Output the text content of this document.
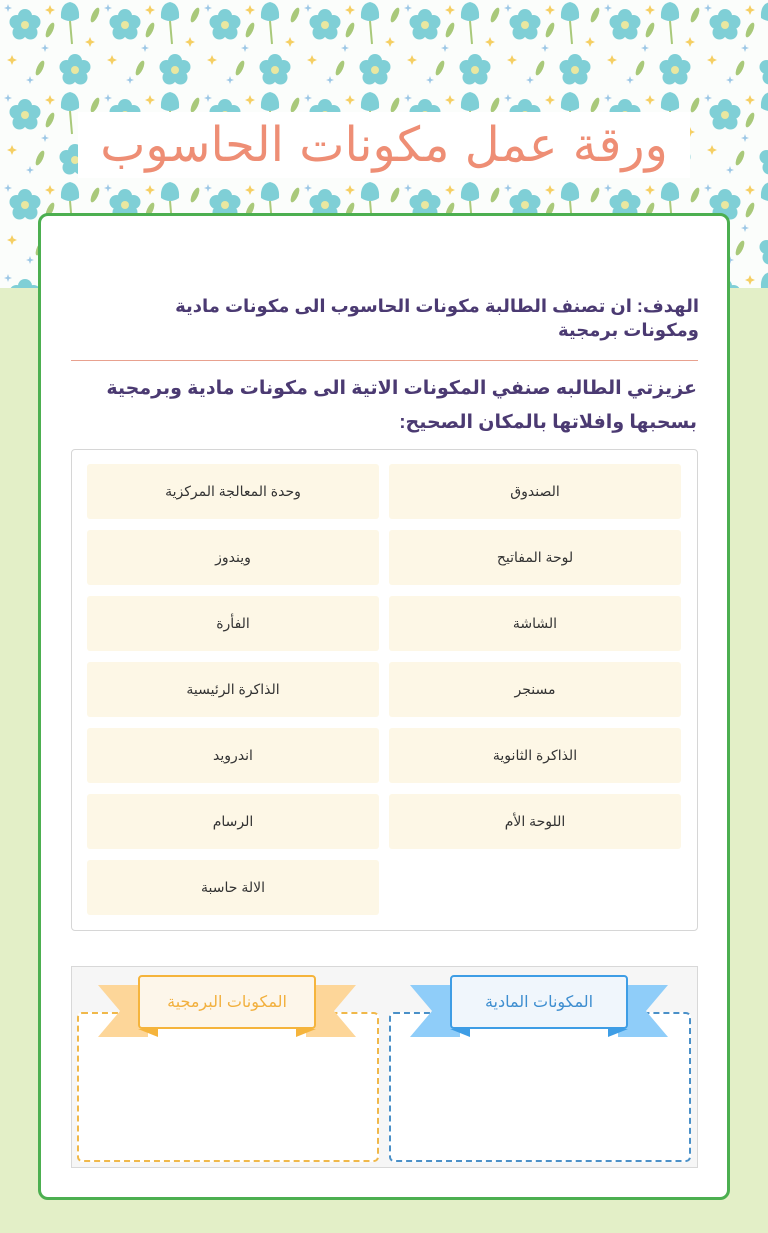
ورقة عمل مكونات الحاسوب
الهدف: ان تصنف الطالبة مكونات الحاسوب الى مكونات مادية ومكونات برمجية
عزيزتي الطالبه صنفي المكونات الاتية الى مكونات مادية وبرمجية بسحبها وافلاتها بالمكان الصحيح:
الصندوق
وحدة المعالجة المركزية
لوحة المفاتيح
ويندوز
الشاشة
الفأرة
مسنجر
الذاكرة الرئيسية
الذاكرة الثانوية
اندرويد
اللوحة الأم
الرسام
الالة حاسبة
المكونات المادية
المكونات البرمجية
